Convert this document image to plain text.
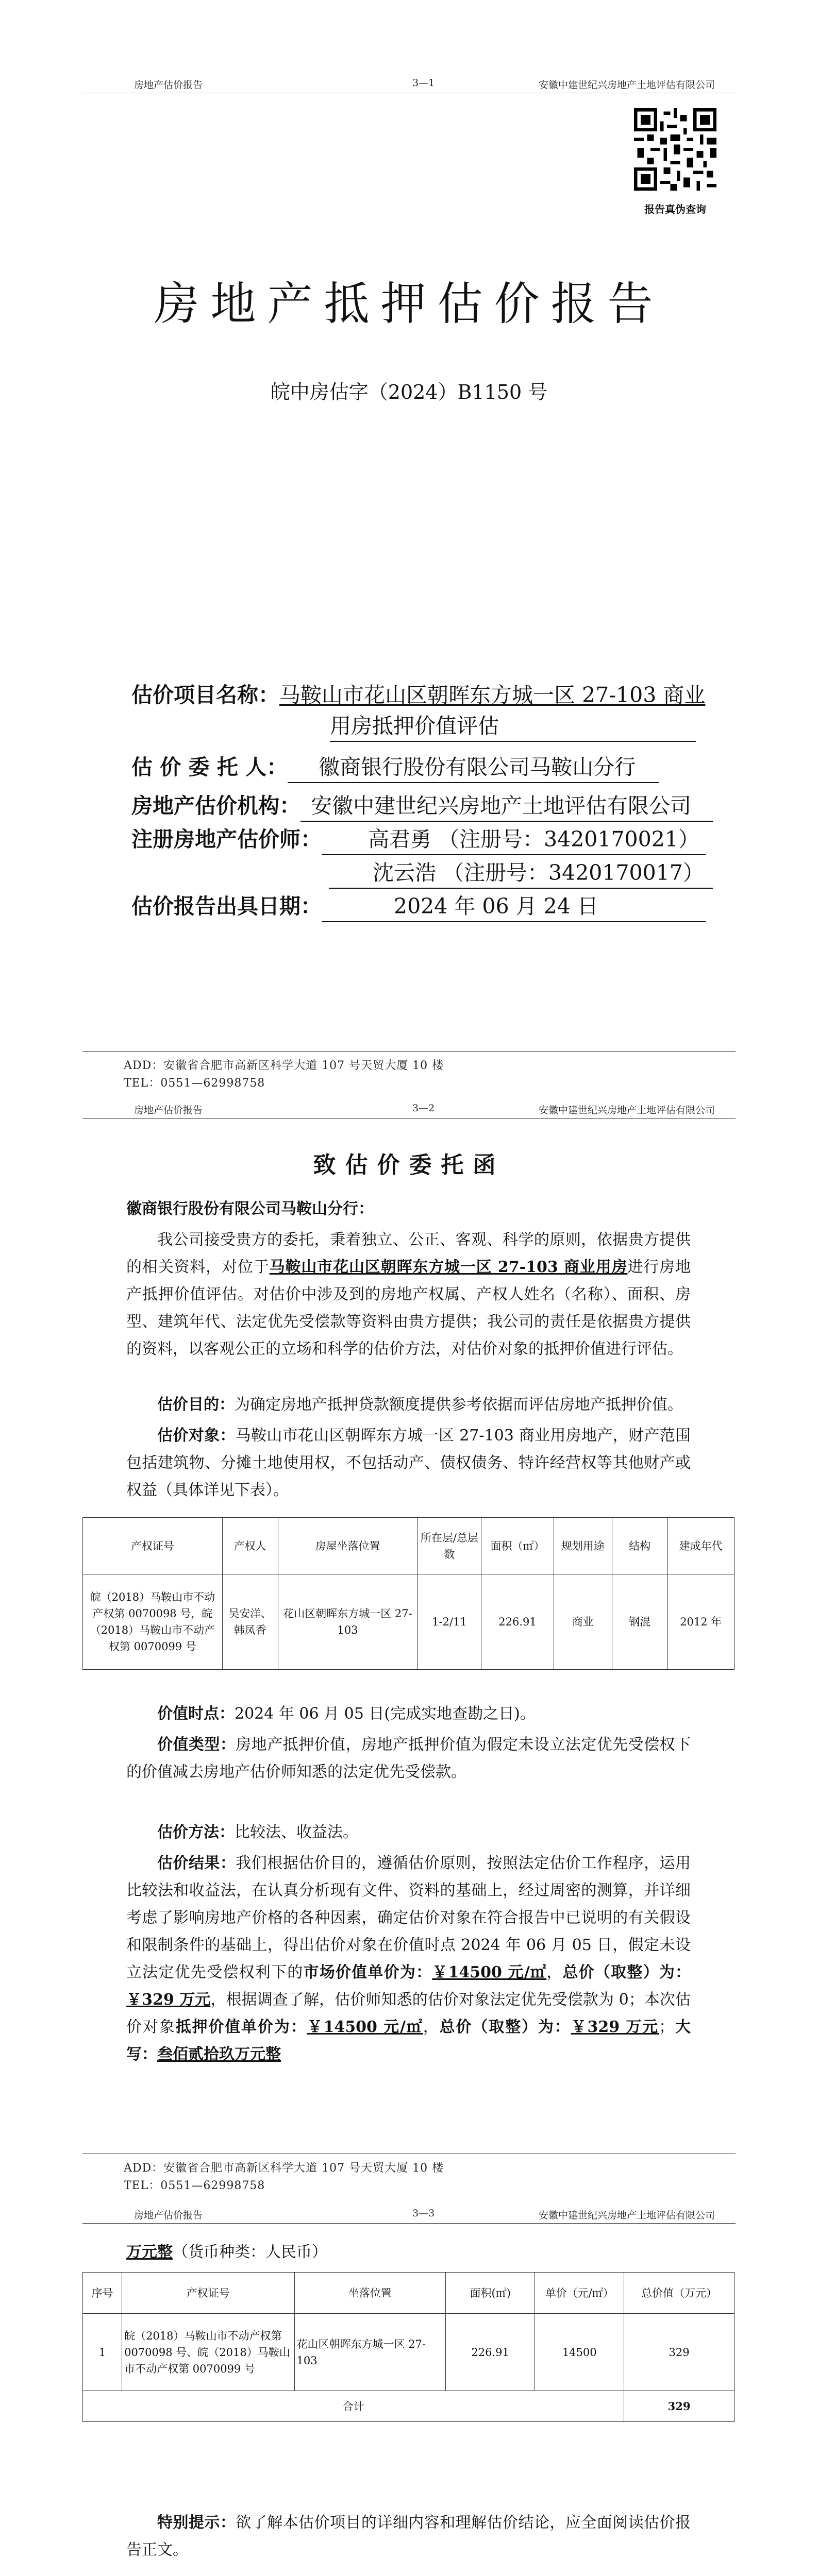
房地产估价报告	3—1	安徽中建世纪兴房地产土地评估有限公司
报告真伪查询
房地产抵押估价报告
皖中房估字（2024）B1150 号
估价项目名称：马鞍山市花山区朝晖东方城一区 27-103 商业
用房抵押价值评估
估 价 委 托 人： 徽商银行股份有限公司马鞍山分行
房地产估价机构： 安徽中建世纪兴房地产土地评估有限公司
注册房地产估价师： 高君勇 （注册号：3420170021）
沈云浩 （注册号：3420170017）
估价报告出具日期：	2024 年 06 月 24 日
ADD：安徽省合肥市高新区科学大道 107 号天贸大厦 10 楼
TEL：0551—62998758
房地产估价报告	3—2	安徽中建世纪兴房地产土地评估有限公司
致估价委托函
徽商银行股份有限公司马鞍山分行：
我公司接受贵方的委托，秉着独立、公正、客观、科学的原则，依据贵方提供的相关资料，对位于马鞍山市花山区朝晖东方城一区 27-103 商业用房进行房地产抵押价值评估。对估价中涉及到的房地产权属、产权人姓名（名称）、面积、房型、建筑年代、法定优先受偿款等资料由贵方提供；我公司的责任是依据贵方提供的资料，以客观公正的立场和科学的估价方法，对估价对象的抵押价值进行评估。
估价目的：为确定房地产抵押贷款额度提供参考依据而评估房地产抵押价值。
估价对象：马鞍山市花山区朝晖东方城一区 27-103 商业用房地产，财产范围包括建筑物、分摊土地使用权，不包括动产、债权债务、特许经营权等其他财产或权益（具体详见下表）。
产权证号	产权人	房屋坐落位置	所在层/总层数	面积（㎡）	规划用途	结构	建成年代
皖（2018）马鞍山市不动产权第 0070098 号，皖（2018）马鞍山市不动产权第 0070099 号	吴安洋、韩凤香	花山区朝晖东方城一区 27-103	1-2/11	226.91	商业	钢混	2012 年
价值时点：2024 年 06 月 05 日(完成实地查勘之日)。
价值类型：房地产抵押价值，房地产抵押价值为假定未设立法定优先受偿权下的价值减去房地产估价师知悉的法定优先受偿款。
估价方法：比较法、收益法。
估价结果：我们根据估价目的，遵循估价原则，按照法定估价工作程序，运用比较法和收益法，在认真分析现有文件、资料的基础上，经过周密的测算，并详细考虑了影响房地产价格的各种因素，确定估价对象在符合报告中已说明的有关假设和限制条件的基础上，得出估价对象在价值时点 2024 年 06 月 05 日，假定未设立法定优先受偿权利下的市场价值单价为：￥14500 元/㎡，总价（取整）为：￥329 万元，根据调查了解，估价师知悉的估价对象法定优先受偿款为 0；本次估价对象抵押价值单价为：￥14500 元/㎡，总价（取整）为：￥329 万元；大写：叁佰贰拾玖万元整
ADD：安徽省合肥市高新区科学大道 107 号天贸大厦 10 楼
TEL：0551—62998758
房地产估价报告	3—3	安徽中建世纪兴房地产土地评估有限公司
万元整（货币种类：人民币）
序号	产权证号	坐落位置	面积(㎡)	单价（元/㎡）	总价值（万元）
1	皖（2018）马鞍山市不动产权第 0070098 号、皖（2018）马鞍山市不动产权第 0070099 号	花山区朝晖东方城一区 27-103	226.91	14500	329
合计					329
特别提示：欲了解本估价项目的详细内容和理解估价结论，应全面阅读估价报告正文。
